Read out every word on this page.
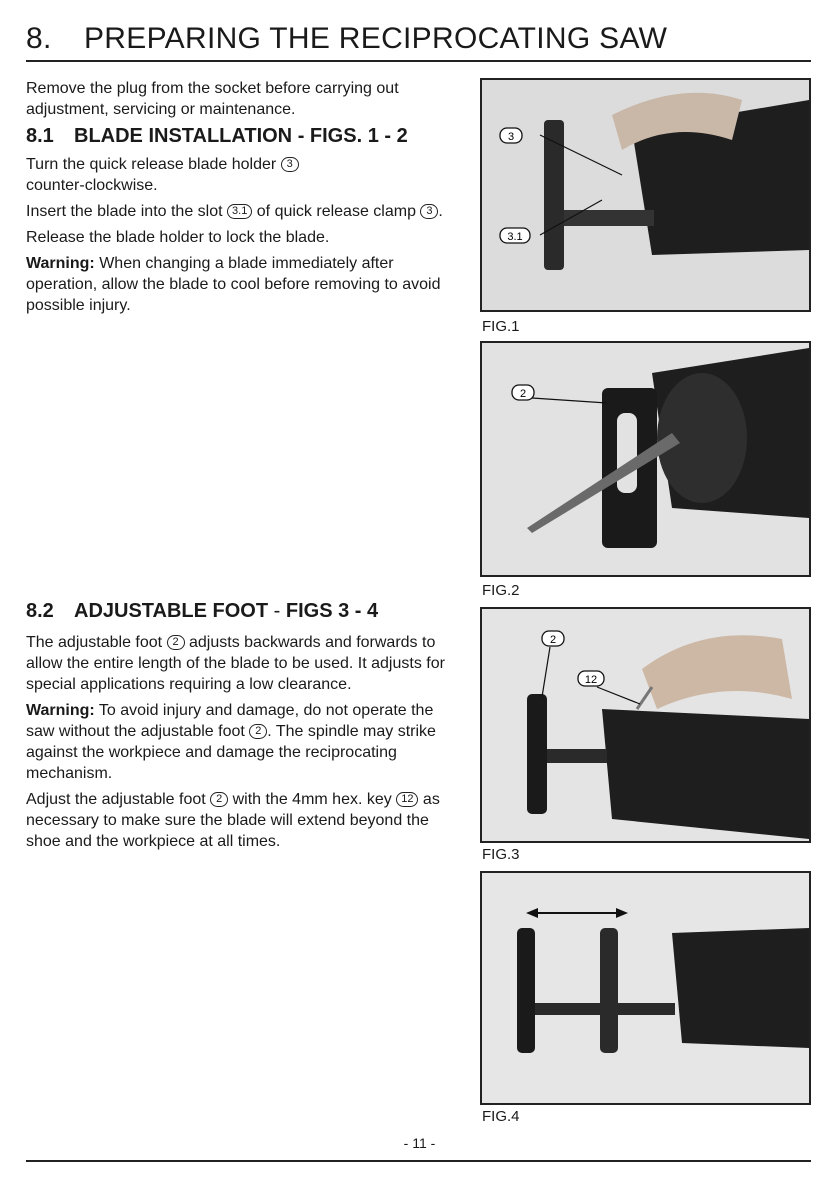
8. PREPARING THE RECIPROCATING SAW

Remove the plug from the socket before carrying out adjustment, servicing or maintenance.

8.1 BLADE INSTALLATION - FIGS. 1 - 2

Turn the quick release blade holder 3
counter-clockwise.

Insert the blade into the slot 3.1 of quick release clamp 3 .

Release the blade holder to lock the blade.

Warning: When changing a blade immediately after operation, allow the blade to cool before removing to avoid possible injury.

8.2 ADJUSTABLE FOOT - FIGS 3 - 4

The adjustable foot 2 adjusts backwards and forwards to allow the entire length of the blade to be used. It adjusts for special applications requiring a low clearance.

Warning: To avoid injury and damage, do not operate the saw without the adjustable foot 2 . The spindle may strike against the workpiece and damage the reciprocating mechanism.

Adjust the adjustable foot 2 with the 4mm hex. key 12 as necessary to make sure the blade will extend beyond the shoe and the workpiece at all times.

3
3.1
FIG.1
2
FIG.2
2
12
FIG.3
FIG.4
- 11 -
